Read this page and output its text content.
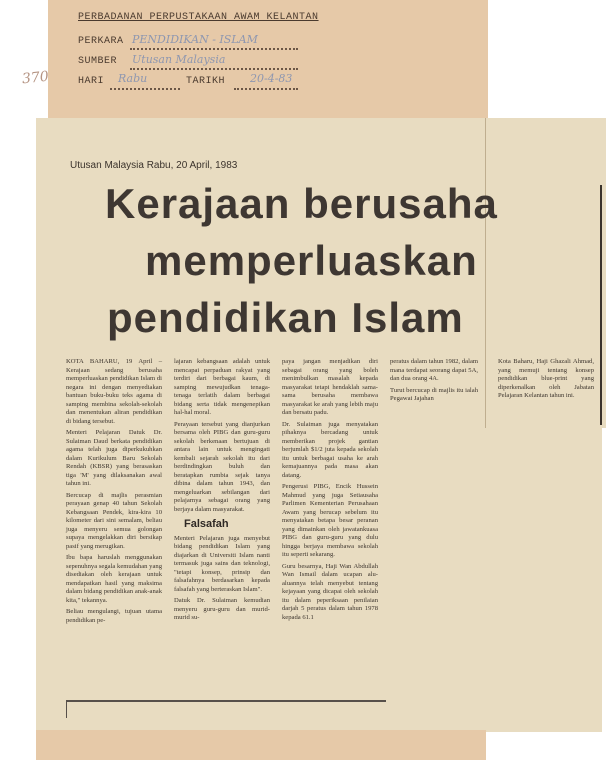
PERBADANAN PERPUSTAKAAN AWAM KELANTAN
PERKARA PENDIDIKAN - ISLAM
SUMBER Utusan Malaysia
HARI Rabu	TARIKH 20-4-83
370
Utusan Malaysia Rabu, 20 April, 1983
Kerajaan berusaha
memperluaskan
pendidikan Islam

KOTA BAHARU, 19 April – Kerajaan sedang berusaha memperluaskan pendidikan Islam di negara ini dengan menyediakan bantuan buku-buku teks agama di samping membina sekolah-sekolah dan menentukan aliran pendidikan di bidang tersebut.

Menteri Pelajaran Datuk Dr. Sulaiman Daud berkata pendidikan agama telah juga diperkukuhkan dalam Kurikulum Baru Sekolah Rendah (KBSR) yang berasaskan tiga 'M' yang dilaksanakan awal tahun ini.

Bercucap di majlis perasmian perayaan genap 40 tahun Sekolah Kebangsaan Pendek, kira-kira 10 kilometer dari sini semalam, beliau juga menyeru semua golongan supaya mengelakkan diri bersikap pasif yang merugikan.

Ibu bapa haruslah menggunakan sepenuhnya segala kemudahan yang disediakan oleh kerajaan untuk mendapatkan hasil yang maksima dalam bidang pendidikan anak-anak kita," tekannya.

Beliau mengulangi, tujuan utama pendidikan pe-

lajaran kebangsaan adalah untuk mencapai perpaduan rakyat yang terdiri dari berbagai kaum, di samping mewujudkan tenaga-tenaga terlatih dalam berbagai bidang serta tidak mengenepikan hal-hal moral.

Perayaan tersebut yang dianjurkan bersama oleh PIBG dan guru-guru sekolah berkenaan bertujuan di antara lain untuk mengingati kembali sejarah sekolah itu dari berdindingkan buluh dan beratapkan rumbia sejak tanya dibina dalam tahun 1943, dan mengeluarkan sebilangan dari pelajarnya sebagai orang yang berjaya dalam masyarakat.

Falsafah

Menteri Pelajaran juga menyebut bidang pendidikan Islam yang diajarkan di Universiti Islam nanti termasuk juga sains dan teknologi, "tetapi konsep, prinsip dan falsafahnya berdasarkan kepada falsafah yang berteraskan Islam".

Datuk Dr. Sulaiman kemudian menyeru guru-guru dan murid-murid su-

paya jangan menjadikan diri sebagai orang yang boleh menimbulkan masalah kepada masyarakat tetapi hendaklah sama-sama berusaha membawa masyarakat ke arah yang lebih maju dan bersatu padu.

Dr. Sulaiman juga menyatakan pihaknya bercadang untuk memberikan projek gantian berjumlah $1/2 juta kepada sekolah itu untuk berbagai usaha ke arah kemajuannya pada masa akan datang.

Pengerusi PIBG, Encik Hussein Mahmud yang juga Setiausaha Parlimen Kementerian Perusahaan Awam yang berucap sebelum itu menyatakan betapa besar peranan yang dimainkan oleh jawatankuasa PIBG dan guru-guru yang dulu hingga berjaya membawa sekolah itu seperti sekarang.

Guru besarnya, Haji Wan Abdullah Wan Ismail dalam ucapan alu-aluannya telah menyebut tentang kejayaan yang dicapai oleh sekolah itu dalam peperiksaan penilaian darjah 5 peratus dalam tahun 1978 kepada 61.1

peratus dalam tahun 1982, dalam mana terdapat seorang dapat 5A, dan dua orang 4A.

Turut bercucap di majlis itu ialah Pegawai Jajahan

Kota Baharu, Haji Ghazali Ahmad, yang memuji tentang konsep pendidikan blue-print yang diperkenalkan oleh Jabatan Pelajaran Kelantan tahun ini.
